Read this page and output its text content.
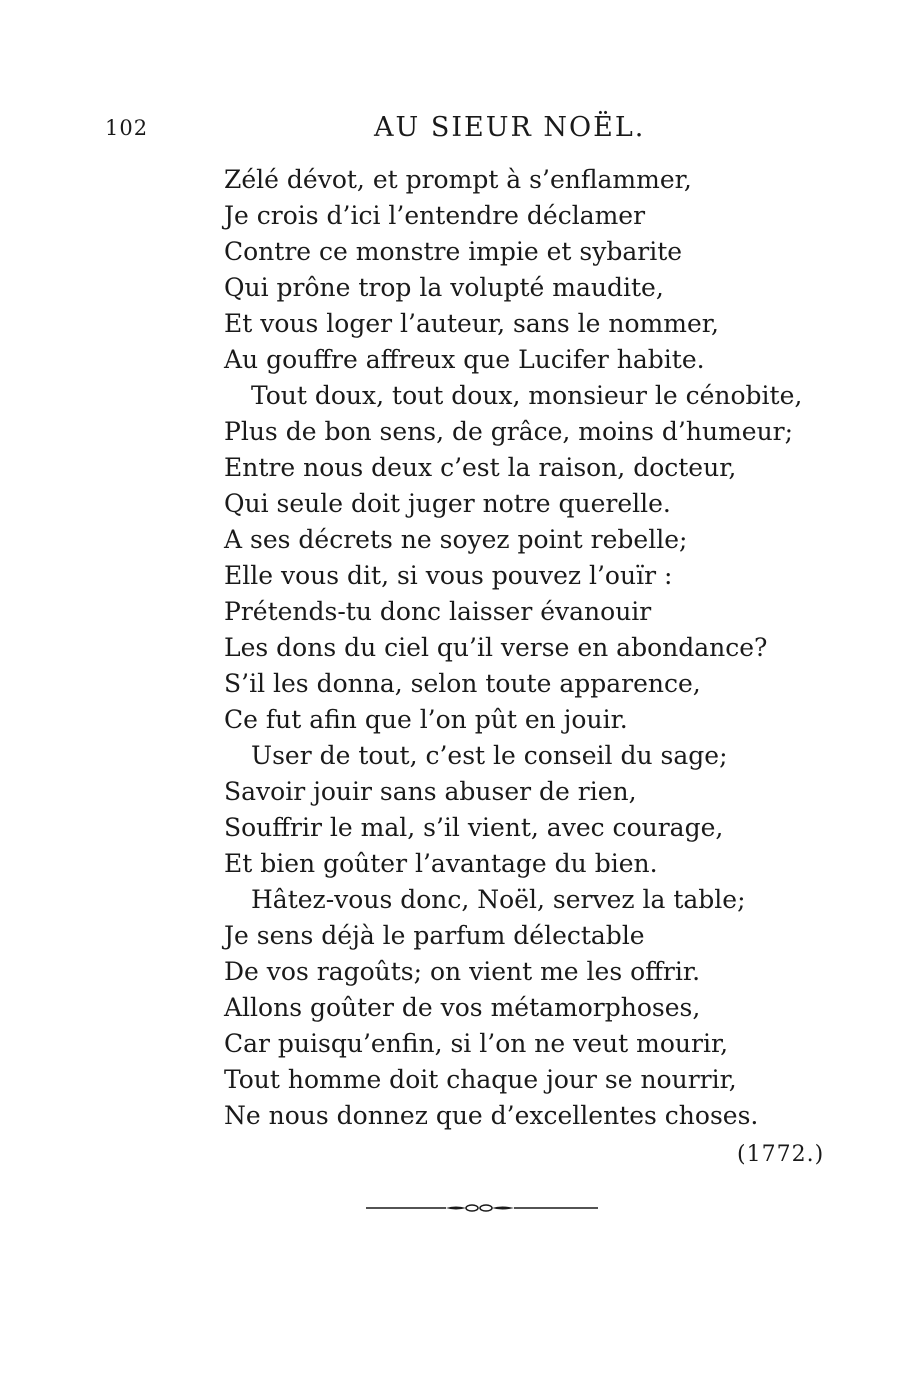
102	AU SIEUR NOËL.
Zélé dévot, et prompt à s’enflammer,
Je crois d’ici l’entendre déclamer
Contre ce monstre impie et sybarite
Qui prône trop la volupté maudite,
Et vous loger l’auteur, sans le nommer,
Au gouffre affreux que Lucifer habite.
Tout doux, tout doux, monsieur le cénobite,
Plus de bon sens, de grâce, moins d’humeur;
Entre nous deux c’est la raison, docteur,
Qui seule doit juger notre querelle.
A ses décrets ne soyez point rebelle;
Elle vous dit, si vous pouvez l’ouïr :
Prétends-tu donc laisser évanouir
Les dons du ciel qu’il verse en abondance?
S’il les donna, selon toute apparence,
Ce fut afin que l’on pût en jouir.
User de tout, c’est le conseil du sage;
Savoir jouir sans abuser de rien,
Souffrir le mal, s’il vient, avec courage,
Et bien goûter l’avantage du bien.
Hâtez-vous donc, Noël, servez la table;
Je sens déjà le parfum délectable
De vos ragoûts; on vient me les offrir.
Allons goûter de vos métamorphoses,
Car puisqu’enfin, si l’on ne veut mourir,
Tout homme doit chaque jour se nourrir,
Ne nous donnez que d’excellentes choses.
(1772.)
